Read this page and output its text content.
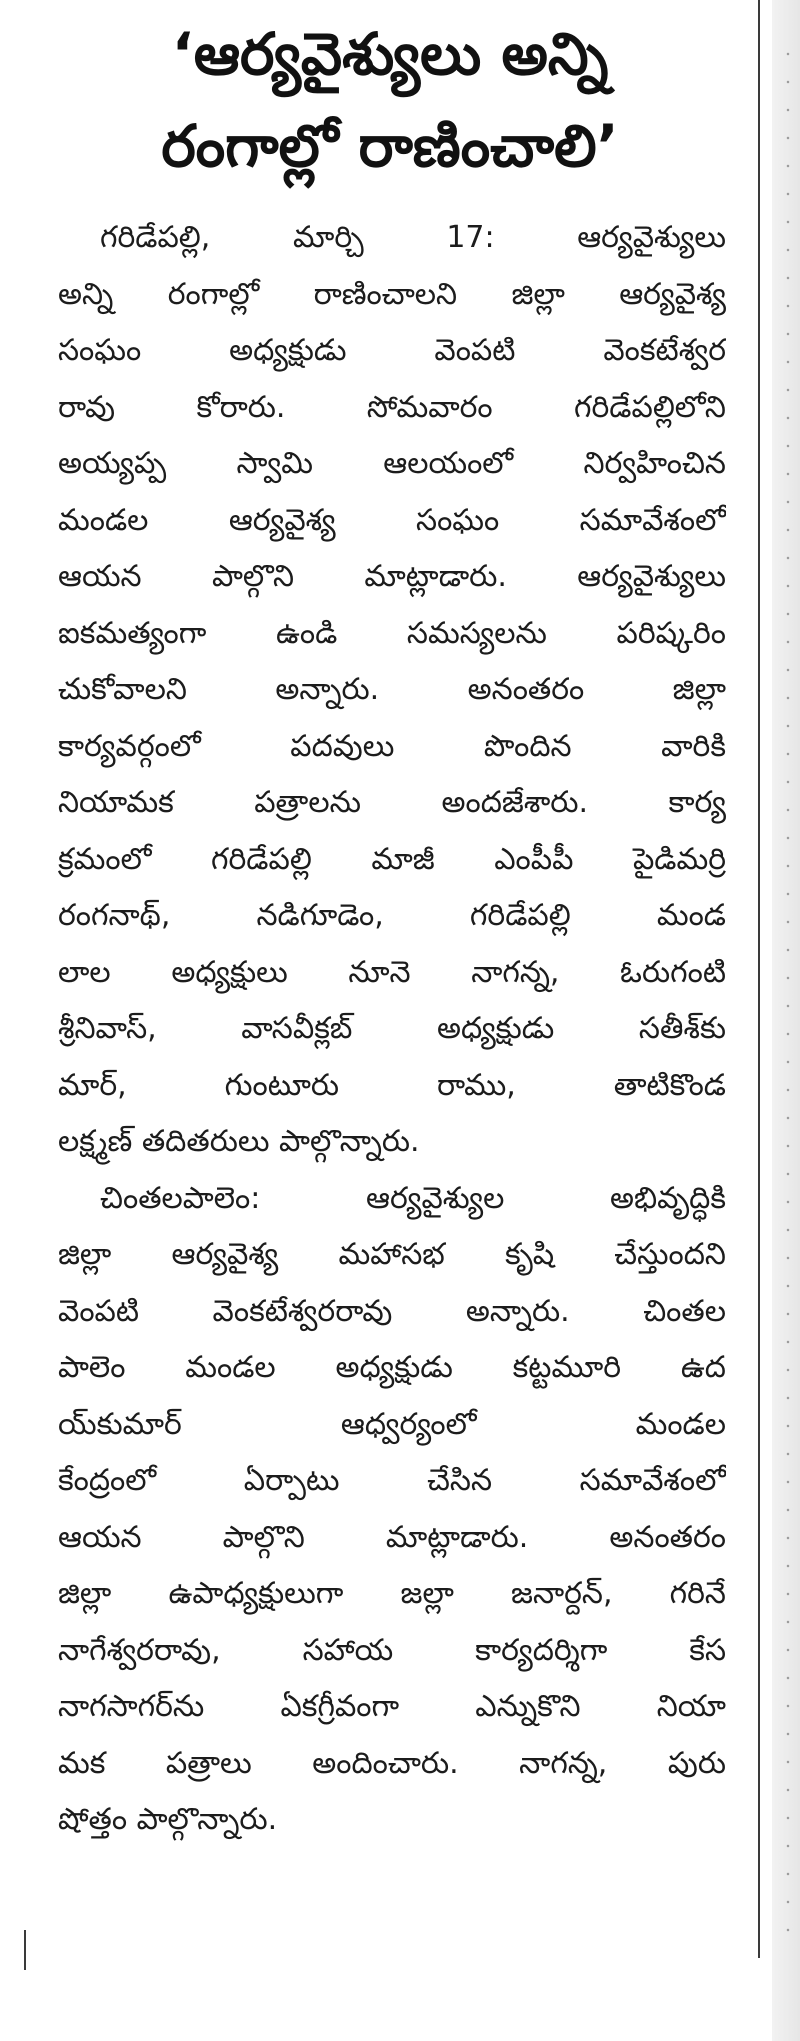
‘ఆర్యవైశ్యులు అన్ని
రంగాల్లో రాణించాలి’
గరిడేపల్లి, మార్చి 17: ఆర్యవైశ్యులు
అన్ని రంగాల్లో రాణించాలని జిల్లా ఆర్యవైశ్య
సంఘం అధ్యక్షుడు వెంపటి వెంకటేశ్వర
రావు కోరారు. సోమవారం గరిడేపల్లిలోని
అయ్యప్ప స్వామి ఆలయంలో నిర్వహించిన
మండల ఆర్యవైశ్య సంఘం సమావేశంలో
ఆయన పాల్గొని మాట్లాడారు. ఆర్యవైశ్యులు
ఐకమత్యంగా ఉండి సమస్యలను పరిష్కరిం
చుకోవాలని అన్నారు. అనంతరం జిల్లా
కార్యవర్గంలో పదవులు పొందిన వారికి
నియామక పత్రాలను అందజేశారు. కార్య
క్రమంలో గరిడేపల్లి మాజీ ఎంపీపీ పైడిమర్రి
రంగనాథ్, నడిగూడెం, గరిడేపల్లి మండ
లాల అధ్యక్షులు నూనె నాగన్న, ఓరుగంటి
శ్రీనివాస్, వాసవీక్లబ్ అధ్యక్షుడు సతీశ్‌కు
మార్, గుంటూరు రాము, తాటికొండ
లక్ష్మణ్ తదితరులు పాల్గొన్నారు.
చింతలపాలెం: ఆర్యవైశ్యుల అభివృద్ధికి
జిల్లా ఆర్యవైశ్య మహాసభ కృషి చేస్తుందని
వెంపటి వెంకటేశ్వరరావు అన్నారు. చింతల
పాలెం మండల అధ్యక్షుడు కట్టమూరి ఉద
య్‌కుమార్ ఆధ్వర్యంలో మండల
కేంద్రంలో ఏర్పాటు చేసిన సమావేశంలో
ఆయన పాల్గొని మాట్లాడారు. అనంతరం
జిల్లా ఉపాధ్యక్షులుగా జల్లా జనార్దన్, గరినే
నాగేశ్వరరావు, సహాయ కార్యదర్శిగా కేస
నాగసాగర్‌ను ఏకగ్రీవంగా ఎన్నుకొని నియా
మక పత్రాలు అందించారు. నాగన్న, పురు
షోత్తం పాల్గొన్నారు.
